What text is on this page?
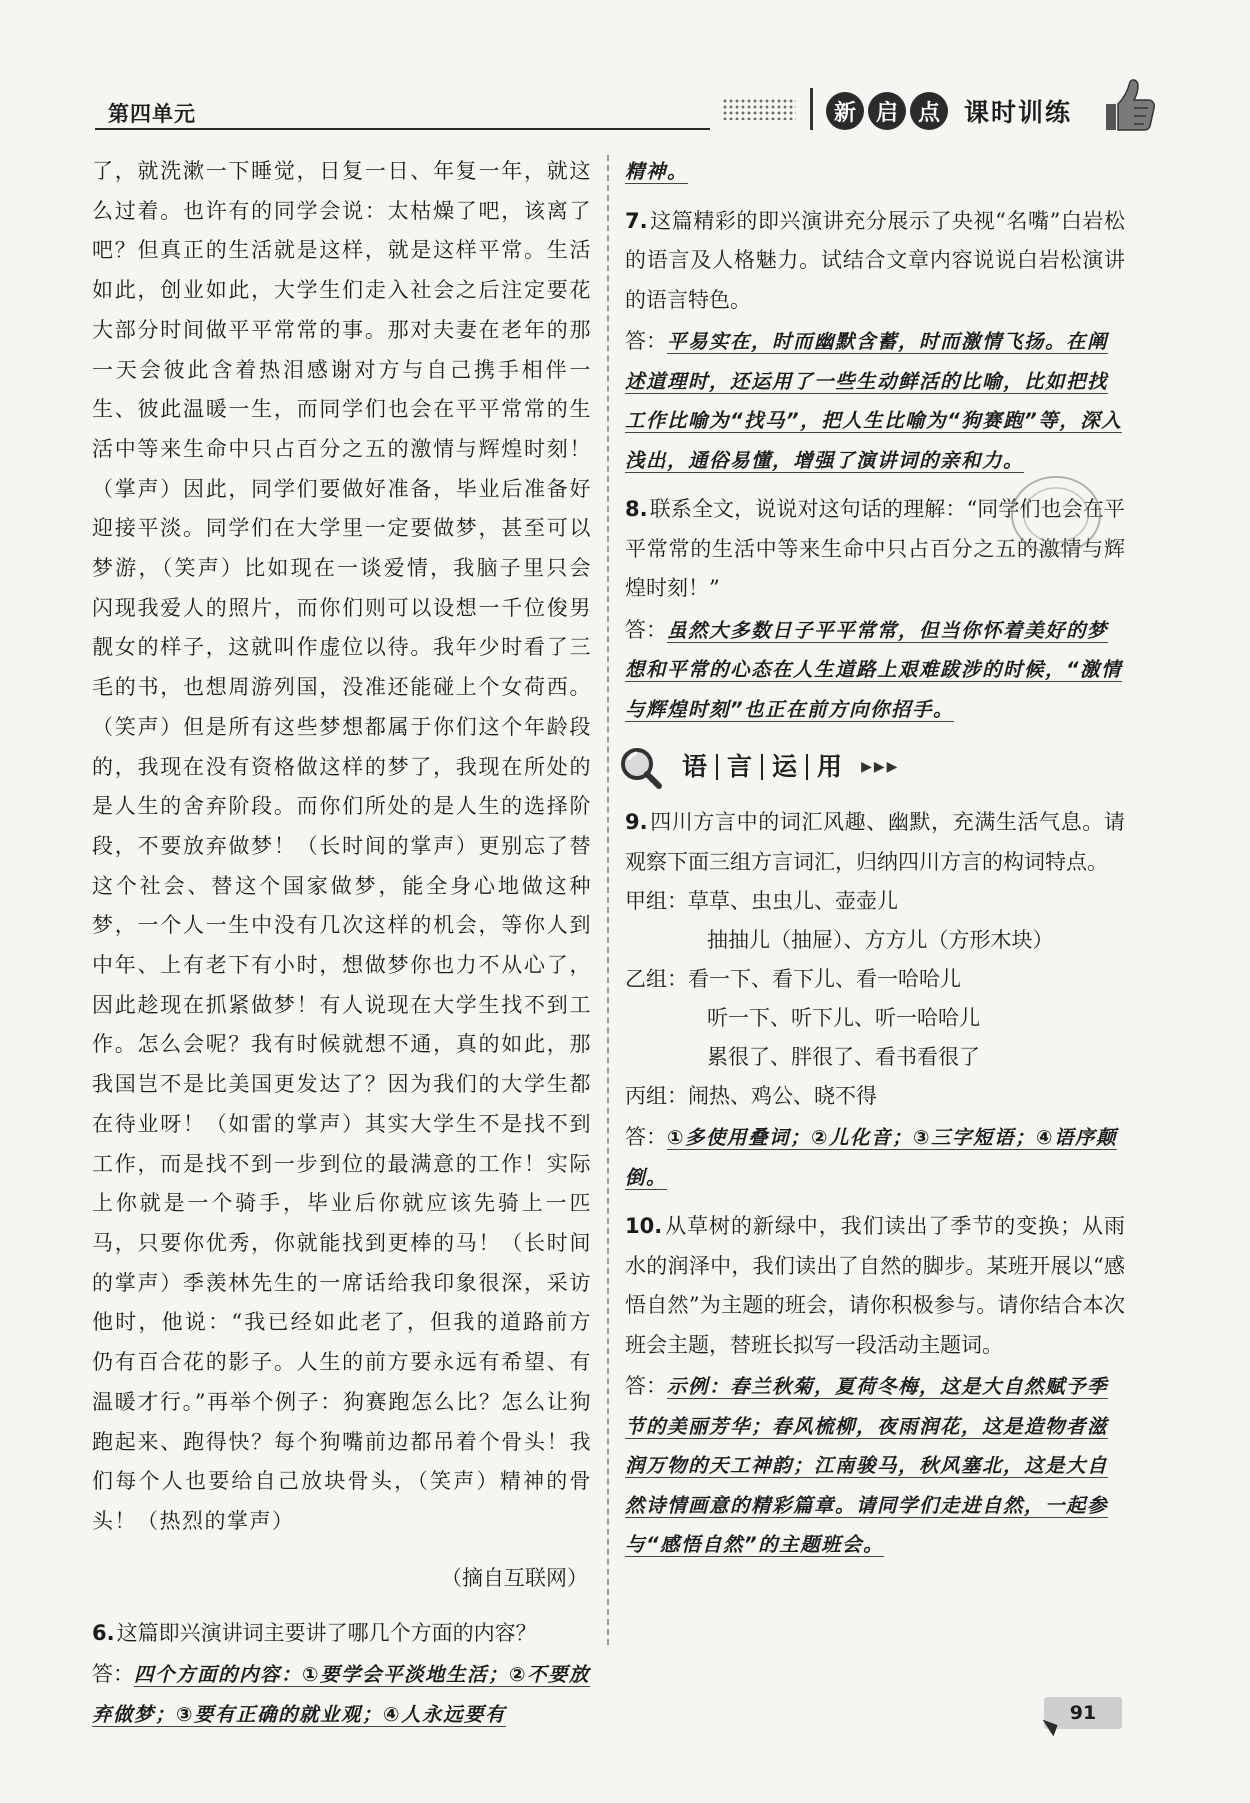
第四单元	新 启 点 课时训练

了，就洗漱一下睡觉，日复一日、年复一年，就这么过着。也许有的同学会说：太枯燥了吧，该离了吧？但真正的生活就是这样，就是这样平常。生活如此，创业如此，大学生们走入社会之后注定要花大部分时间做平平常常的事。那对夫妻在老年的那一天会彼此含着热泪感谢对方与自己携手相伴一生、彼此温暖一生，而同学们也会在平平常常的生活中等来生命中只占百分之五的激情与辉煌时刻！（掌声）因此，同学们要做好准备，毕业后准备好迎接平淡。同学们在大学里一定要做梦，甚至可以梦游，（笑声）比如现在一谈爱情，我脑子里只会闪现我爱人的照片，而你们则可以设想一千位俊男靓女的样子，这就叫作虚位以待。我年少时看了三毛的书，也想周游列国，没准还能碰上个女荷西。（笑声）但是所有这些梦想都属于你们这个年龄段的，我现在没有资格做这样的梦了，我现在所处的是人生的舍弃阶段。而你们所处的是人生的选择阶段，不要放弃做梦！（长时间的掌声）更别忘了替这个社会、替这个国家做梦，能全身心地做这种梦，一个人一生中没有几次这样的机会，等你人到中年、上有老下有小时，想做梦你也力不从心了，因此趁现在抓紧做梦！有人说现在大学生找不到工作。怎么会呢？我有时候就想不通，真的如此，那我国岂不是比美国更发达了？因为我们的大学生都在待业呀！（如雷的掌声）其实大学生不是找不到工作，而是找不到一步到位的最满意的工作！实际上你就是一个骑手，毕业后你就应该先骑上一匹马，只要你优秀，你就能找到更棒的马！（长时间的掌声）季羡林先生的一席话给我印象很深，采访他时，他说：“我已经如此老了，但我的道路前方仍有百合花的影子。人生的前方要永远有希望、有温暖才行。”再举个例子：狗赛跑怎么比？怎么让狗跑起来、跑得快？每个狗嘴前边都吊着个骨头！我们每个人也要给自己放块骨头，（笑声）精神的骨头！（热烈的掌声）

（摘自互联网）

6.这篇即兴演讲词主要讲了哪几个方面的内容？

答：四个方面的内容：①要学会平淡地生活；②不要放弃做梦；③要有正确的就业观；④人永远要有

精神。

7.这篇精彩的即兴演讲充分展示了央视“名嘴”白岩松的语言及人格魅力。试结合文章内容说说白岩松演讲的语言特色。

答：平易实在，时而幽默含蓄，时而激情飞扬。在阐述道理时，还运用了一些生动鲜活的比喻，比如把找工作比喻为“找马”，把人生比喻为“狗赛跑”等，深入浅出，通俗易懂，增强了演讲词的亲和力。

8.联系全文，说说对这句话的理解：“同学们也会在平平常常的生活中等来生命中只占百分之五的激情与辉煌时刻！”

答：虽然大多数日子平平常常，但当你怀着美好的梦想和平常的心态在人生道路上艰难跋涉的时候，“激情与辉煌时刻”也正在前方向你招手。

语 言 运 用	▶▶▶

9.四川方言中的词汇风趣、幽默，充满生活气息。请观察下面三组方言词汇，归纳四川方言的构词特点。

甲组：草草、虫虫儿、壶壶儿

抽抽儿（抽屉）、方方儿（方形木块）

乙组：看一下、看下儿、看一哈哈儿

听一下、听下儿、听一哈哈儿

累很了、胖很了、看书看很了

丙组：闹热、鸡公、晓不得

答：①多使用叠词；②儿化音；③三字短语；④语序颠倒。

10.从草树的新绿中，我们读出了季节的变换；从雨水的润泽中，我们读出了自然的脚步。某班开展以“感悟自然”为主题的班会，请你积极参与。请你结合本次班会主题，替班长拟写一段活动主题词。

答：示例：春兰秋菊，夏荷冬梅，这是大自然赋予季节的美丽芳华；春风梳柳，夜雨润花，这是造物者滋润万物的天工神韵；江南骏马，秋风塞北，这是大自然诗情画意的精彩篇章。请同学们走进自然，一起参与“感悟自然”的主题班会。

91
